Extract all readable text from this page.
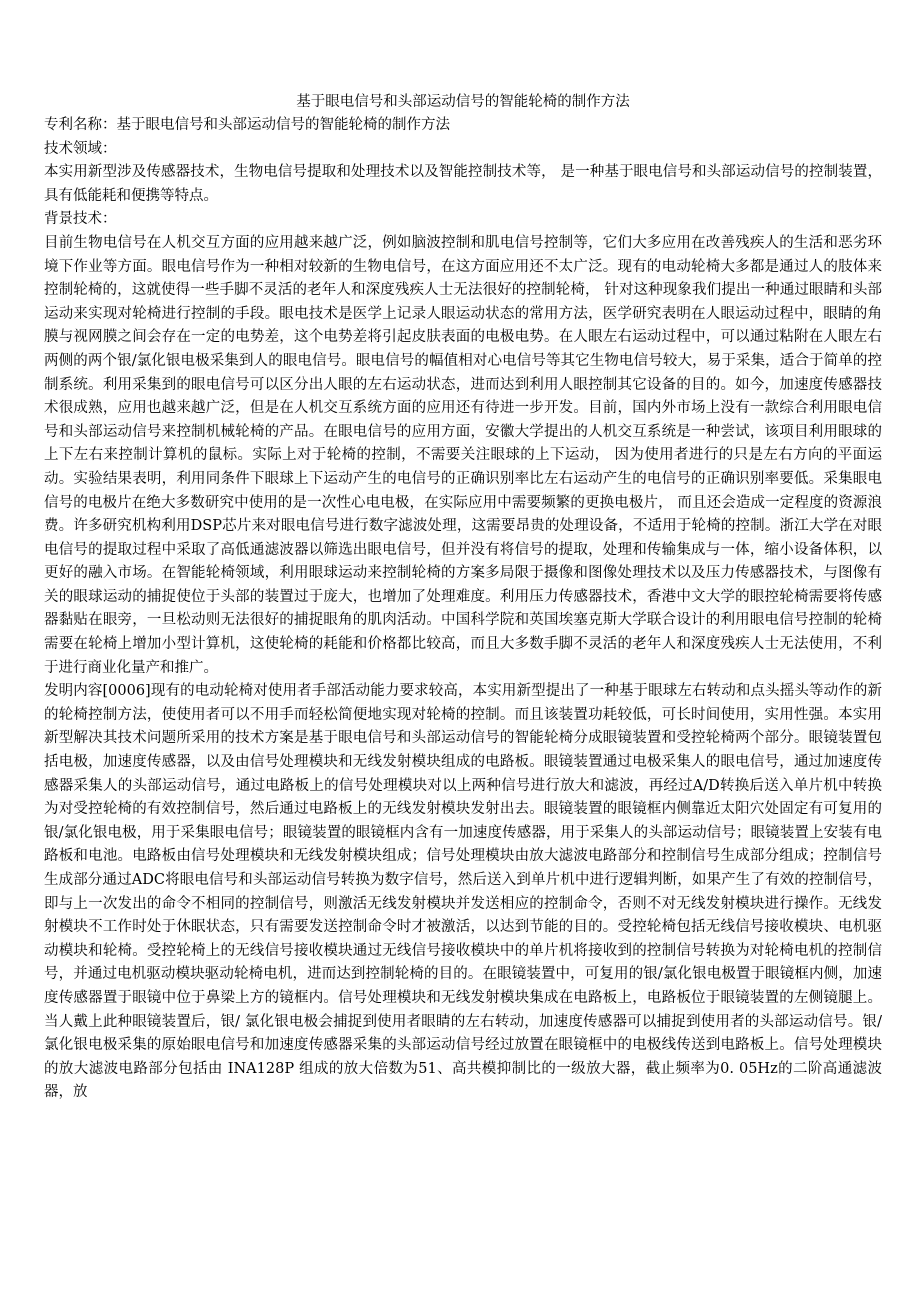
基于眼电信号和头部运动信号的智能轮椅的制作方法

专利名称：基于眼电信号和头部运动信号的智能轮椅的制作方法

技术领域：

本实用新型涉及传感器技术，生物电信号提取和处理技术以及智能控制技术等， 是一种基于眼电信号和头部运动信号的控制装置，具有低能耗和便携等特点。

背景技术：

目前生物电信号在人机交互方面的应用越来越广泛，例如脑波控制和肌电信号控制等，它们大多应用在改善残疾人的生活和恶劣环境下作业等方面。眼电信号作为一种相对较新的生物电信号，在这方面应用还不太广泛。现有的电动轮椅大多都是通过人的肢体来控制轮椅的，这就使得一些手脚不灵活的老年人和深度残疾人士无法很好的控制轮椅， 针对这种现象我们提出一种通过眼睛和头部运动来实现对轮椅进行控制的手段。眼电技术是医学上记录人眼运动状态的常用方法，医学研究表明在人眼运动过程中，眼睛的角膜与视网膜之间会存在一定的电势差，这个电势差将引起皮肤表面的电极电势。在人眼左右运动过程中，可以通过粘附在人眼左右两侧的两个银/氯化银电极采集到人的眼电信号。眼电信号的幅值相对心电信号等其它生物电信号较大，易于采集，适合于简单的控制系统。利用采集到的眼电信号可以区分出人眼的左右运动状态，进而达到利用人眼控制其它设备的目的。如今，加速度传感器技术很成熟，应用也越来越广泛，但是在人机交互系统方面的应用还有待进一步开发。目前，国内外市场上没有一款综合利用眼电信号和头部运动信号来控制机械轮椅的产品。在眼电信号的应用方面，安徽大学提出的人机交互系统是一种尝试，该项目利用眼球的上下左右来控制计算机的鼠标。实际上对于轮椅的控制，不需要关注眼球的上下运动， 因为使用者进行的只是左右方向的平面运动。实验结果表明，利用同条件下眼球上下运动产生的电信号的正确识别率比左右运动产生的电信号的正确识别率要低。采集眼电信号的电极片在绝大多数研究中使用的是一次性心电电极，在实际应用中需要频繁的更换电极片， 而且还会造成一定程度的资源浪费。许多研究机构利用DSP芯片来对眼电信号进行数字滤波处理，这需要昂贵的处理设备，不适用于轮椅的控制。浙江大学在对眼电信号的提取过程中采取了高低通滤波器以筛选出眼电信号，但并没有将信号的提取，处理和传输集成与一体，缩小设备体积，以更好的融入市场。在智能轮椅领域，利用眼球运动来控制轮椅的方案多局限于摄像和图像处理技术以及压力传感器技术，与图像有关的眼球运动的捕捉使位于头部的装置过于庞大，也增加了处理难度。利用压力传感器技术，香港中文大学的眼控轮椅需要将传感器黏贴在眼旁，一旦松动则无法很好的捕捉眼角的肌肉活动。中国科学院和英国埃塞克斯大学联合设计的利用眼电信号控制的轮椅需要在轮椅上增加小型计算机，这使轮椅的耗能和价格都比较高，而且大多数手脚不灵活的老年人和深度残疾人士无法使用，不利于进行商业化量产和推广。

发明内容[0006]现有的电动轮椅对使用者手部活动能力要求较高，本实用新型提出了一种基于眼球左右转动和点头摇头等动作的新的轮椅控制方法，使使用者可以不用手而轻松简便地实现对轮椅的控制。而且该装置功耗较低，可长时间使用，实用性强。本实用新型解决其技术问题所采用的技术方案是基于眼电信号和头部运动信号的智能轮椅分成眼镜装置和受控轮椅两个部分。眼镜装置包括电极，加速度传感器，以及由信号处理模块和无线发射模块组成的电路板。眼镜装置通过电极采集人的眼电信号，通过加速度传感器采集人的头部运动信号，通过电路板上的信号处理模块对以上两种信号进行放大和滤波，再经过A/D转换后送入单片机中转换为对受控轮椅的有效控制信号，然后通过电路板上的无线发射模块发射出去。眼镜装置的眼镜框内侧靠近太阳穴处固定有可复用的银/氯化银电极，用于采集眼电信号；眼镜装置的眼镜框内含有一加速度传感器，用于采集人的头部运动信号；眼镜装置上安装有电路板和电池。电路板由信号处理模块和无线发射模块组成；信号处理模块由放大滤波电路部分和控制信号生成部分组成；控制信号生成部分通过ADC将眼电信号和头部运动信号转换为数字信号，然后送入到单片机中进行逻辑判断，如果产生了有效的控制信号，即与上一次发出的命令不相同的控制信号，则激活无线发射模块并发送相应的控制命令，否则不对无线发射模块进行操作。无线发射模块不工作时处于休眠状态，只有需要发送控制命令时才被激活，以达到节能的目的。受控轮椅包括无线信号接收模块、电机驱动模块和轮椅。受控轮椅上的无线信号接收模块通过无线信号接收模块中的单片机将接收到的控制信号转换为对轮椅电机的控制信号，并通过电机驱动模块驱动轮椅电机，进而达到控制轮椅的目的。在眼镜装置中，可复用的银/氯化银电极置于眼镜框内侧，加速度传感器置于眼镜中位于鼻梁上方的镜框内。信号处理模块和无线发射模块集成在电路板上，电路板位于眼镜装置的左侧镜腿上。当人戴上此种眼镜装置后，银/ 氯化银电极会捕捉到使用者眼睛的左右转动，加速度传感器可以捕捉到使用者的头部运动信号。银/氯化银电极采集的原始眼电信号和加速度传感器采集的头部运动信号经过放置在眼镜框中的电极线传送到电路板上。信号处理模块的放大滤波电路部分包括由 INA128P 组成的放大倍数为51、高共模抑制比的一级放大器，截止频率为0. 05Hz的二阶高通滤波器，放
